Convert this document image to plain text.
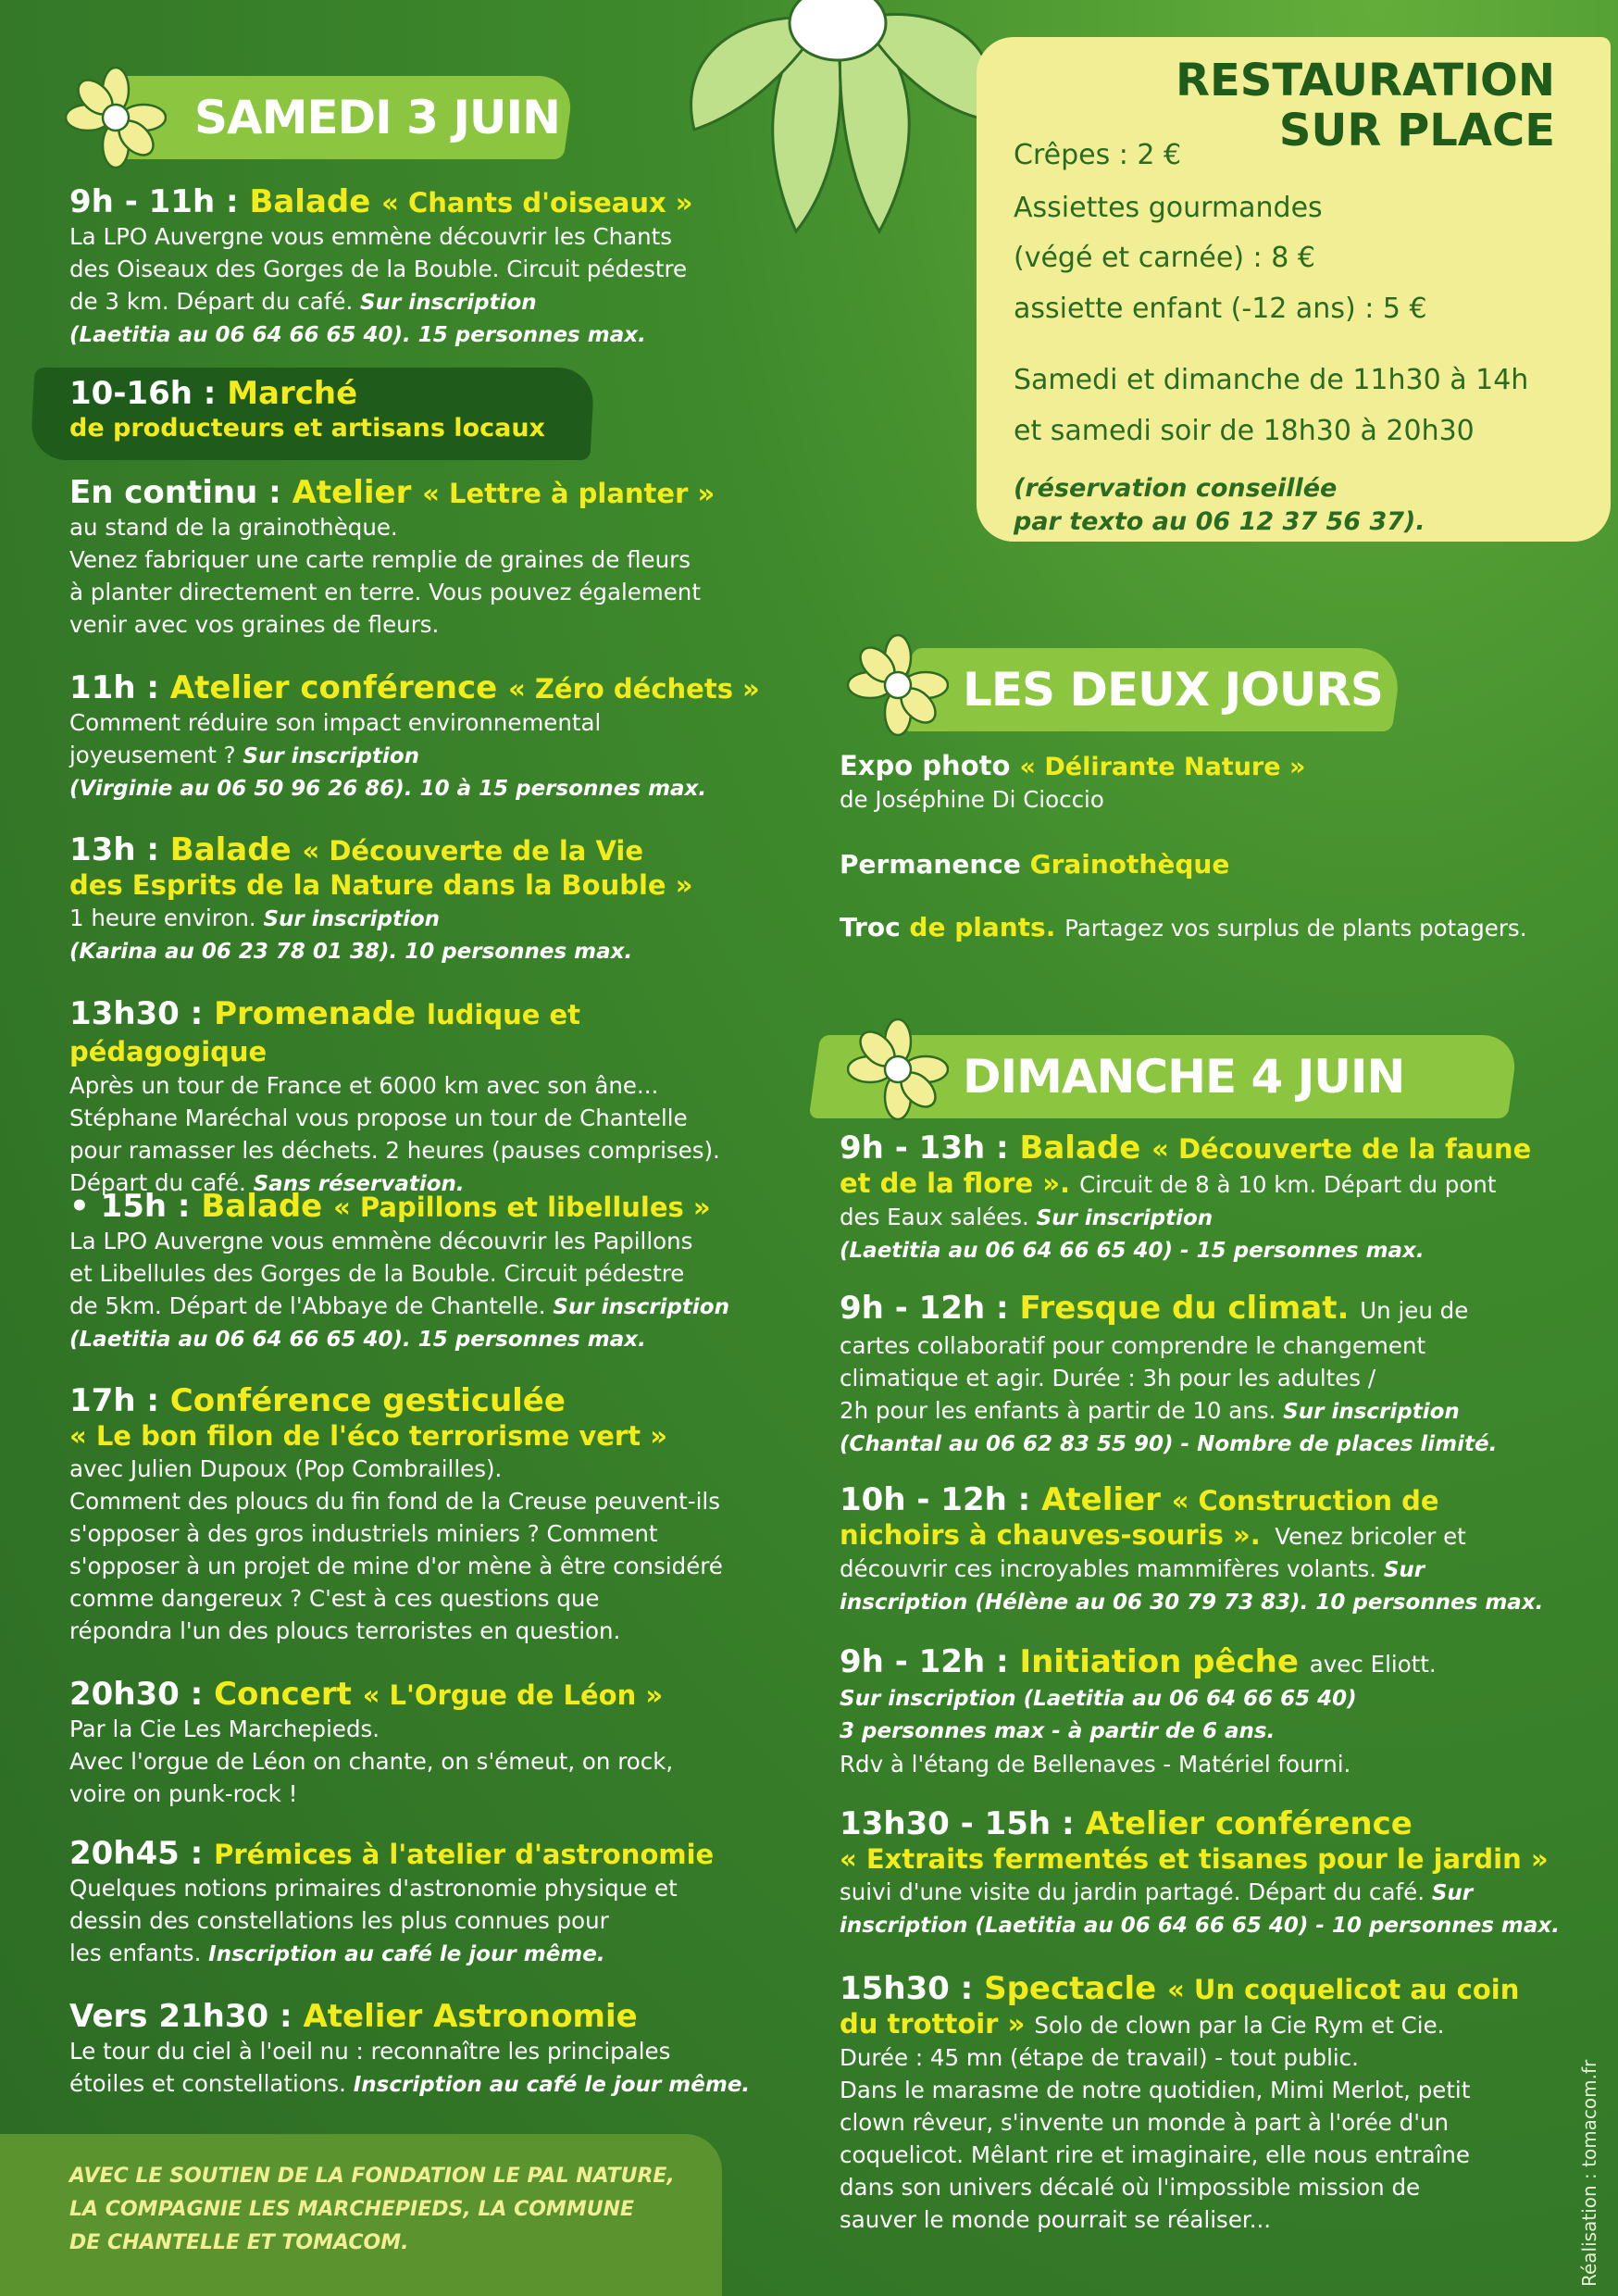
SAMEDI 3 JUIN
9h - 11h : Balade « Chants d'oiseaux »
La LPO Auvergne vous emmène découvrir les Chants
des Oiseaux des Gorges de la Bouble. Circuit pédestre
de 3 km. Départ du café. Sur inscription
(Laetitia au 06 64 66 65 40). 15 personnes max.
10-16h : Marché
de producteurs et artisans locaux
En continu : Atelier « Lettre à planter »
au stand de la grainothèque.
Venez fabriquer une carte remplie de graines de fleurs
à planter directement en terre. Vous pouvez également
venir avec vos graines de fleurs.
11h : Atelier conférence « Zéro déchets »
Comment réduire son impact environnemental
joyeusement ? Sur inscription
(Virginie au 06 50 96 26 86). 10 à 15 personnes max.
13h : Balade « Découverte de la Vie
des Esprits de la Nature dans la Bouble »
1 heure environ. Sur inscription
(Karina au 06 23 78 01 38). 10 personnes max.
13h30 : Promenade ludique et pédagogique
Après un tour de France et 6000 km avec son âne...
Stéphane Maréchal vous propose un tour de Chantelle
pour ramasser les déchets. 2 heures (pauses comprises).
Départ du café. Sans réservation.
• 15h : Balade « Papillons et libellules »
La LPO Auvergne vous emmène découvrir les Papillons
et Libellules des Gorges de la Bouble. Circuit pédestre
de 5km. Départ de l'Abbaye de Chantelle. Sur inscription
(Laetitia au 06 64 66 65 40). 15 personnes max.
17h : Conférence gesticulée
« Le bon filon de l'éco terrorisme vert »
avec Julien Dupoux (Pop Combrailles).
Comment des ploucs du fin fond de la Creuse peuvent-ils
s'opposer à des gros industriels miniers ? Comment
s'opposer à un projet de mine d'or mène à être considéré
comme dangereux ? C'est à ces questions que
répondra l'un des ploucs terroristes en question.
20h30 : Concert « L'Orgue de Léon »
Par la Cie Les Marchepieds.
Avec l'orgue de Léon on chante, on s'émeut, on rock,
voire on punk-rock !
20h45 : Prémices à l'atelier d'astronomie
Quelques notions primaires d'astronomie physique et
dessin des constellations les plus connues pour
les enfants. Inscription au café le jour même.
Vers 21h30 : Atelier Astronomie
Le tour du ciel à l'oeil nu : reconnaître les principales
étoiles et constellations. Inscription au café le jour même.
AVEC LE SOUTIEN DE LA FONDATION LE PAL NATURE,
LA COMPAGNIE LES MARCHEPIEDS, LA COMMUNE
DE CHANTELLE ET TOMACOM.
RESTAURATION
SUR PLACE
Crêpes : 2 €
Assiettes gourmandes
(végé et carnée) : 8 €
assiette enfant (-12 ans) : 5 €
Samedi et dimanche de 11h30 à 14h
et samedi soir de 18h30 à 20h30
(réservation conseillée
par texto au 06 12 37 56 37).
LES DEUX JOURS
Expo photo « Délirante Nature »
de Joséphine Di Cioccio
Permanence Grainothèque
Troc de plants. Partagez vos surplus de plants potagers.
DIMANCHE 4 JUIN
9h - 13h : Balade « Découverte de la faune
et de la flore ». Circuit de 8 à 10 km. Départ du pont
des Eaux salées. Sur inscription
(Laetitia au 06 64 66 65 40) - 15 personnes max.
9h - 12h : Fresque du climat. Un jeu de
cartes collaboratif pour comprendre le changement
climatique et agir. Durée : 3h pour les adultes /
2h pour les enfants à partir de 10 ans. Sur inscription
(Chantal au 06 62 83 55 90) - Nombre de places limité.
10h - 12h : Atelier « Construction de
nichoirs à chauves-souris ». Venez bricoler et
découvrir ces incroyables mammifères volants. Sur
inscription (Hélène au 06 30 79 73 83). 10 personnes max.
9h - 12h : Initiation pêche avec Eliott.
Sur inscription (Laetitia au 06 64 66 65 40)
3 personnes max - à partir de 6 ans.
Rdv à l'étang de Bellenaves - Matériel fourni.
13h30 - 15h : Atelier conférence
« Extraits fermentés et tisanes pour le jardin »
suivi d'une visite du jardin partagé. Départ du café. Sur
inscription (Laetitia au 06 64 66 65 40) - 10 personnes max.
15h30 : Spectacle « Un coquelicot au coin
du trottoir » Solo de clown par la Cie Rym et Cie.
Durée : 45 mn (étape de travail) - tout public.
Dans le marasme de notre quotidien, Mimi Merlot, petit
clown rêveur, s'invente un monde à part à l'orée d'un
coquelicot. Mêlant rire et imaginaire, elle nous entraîne
dans son univers décalé où l'impossible mission de
sauver le monde pourrait se réaliser...	Réalisation : tomacom.fr
